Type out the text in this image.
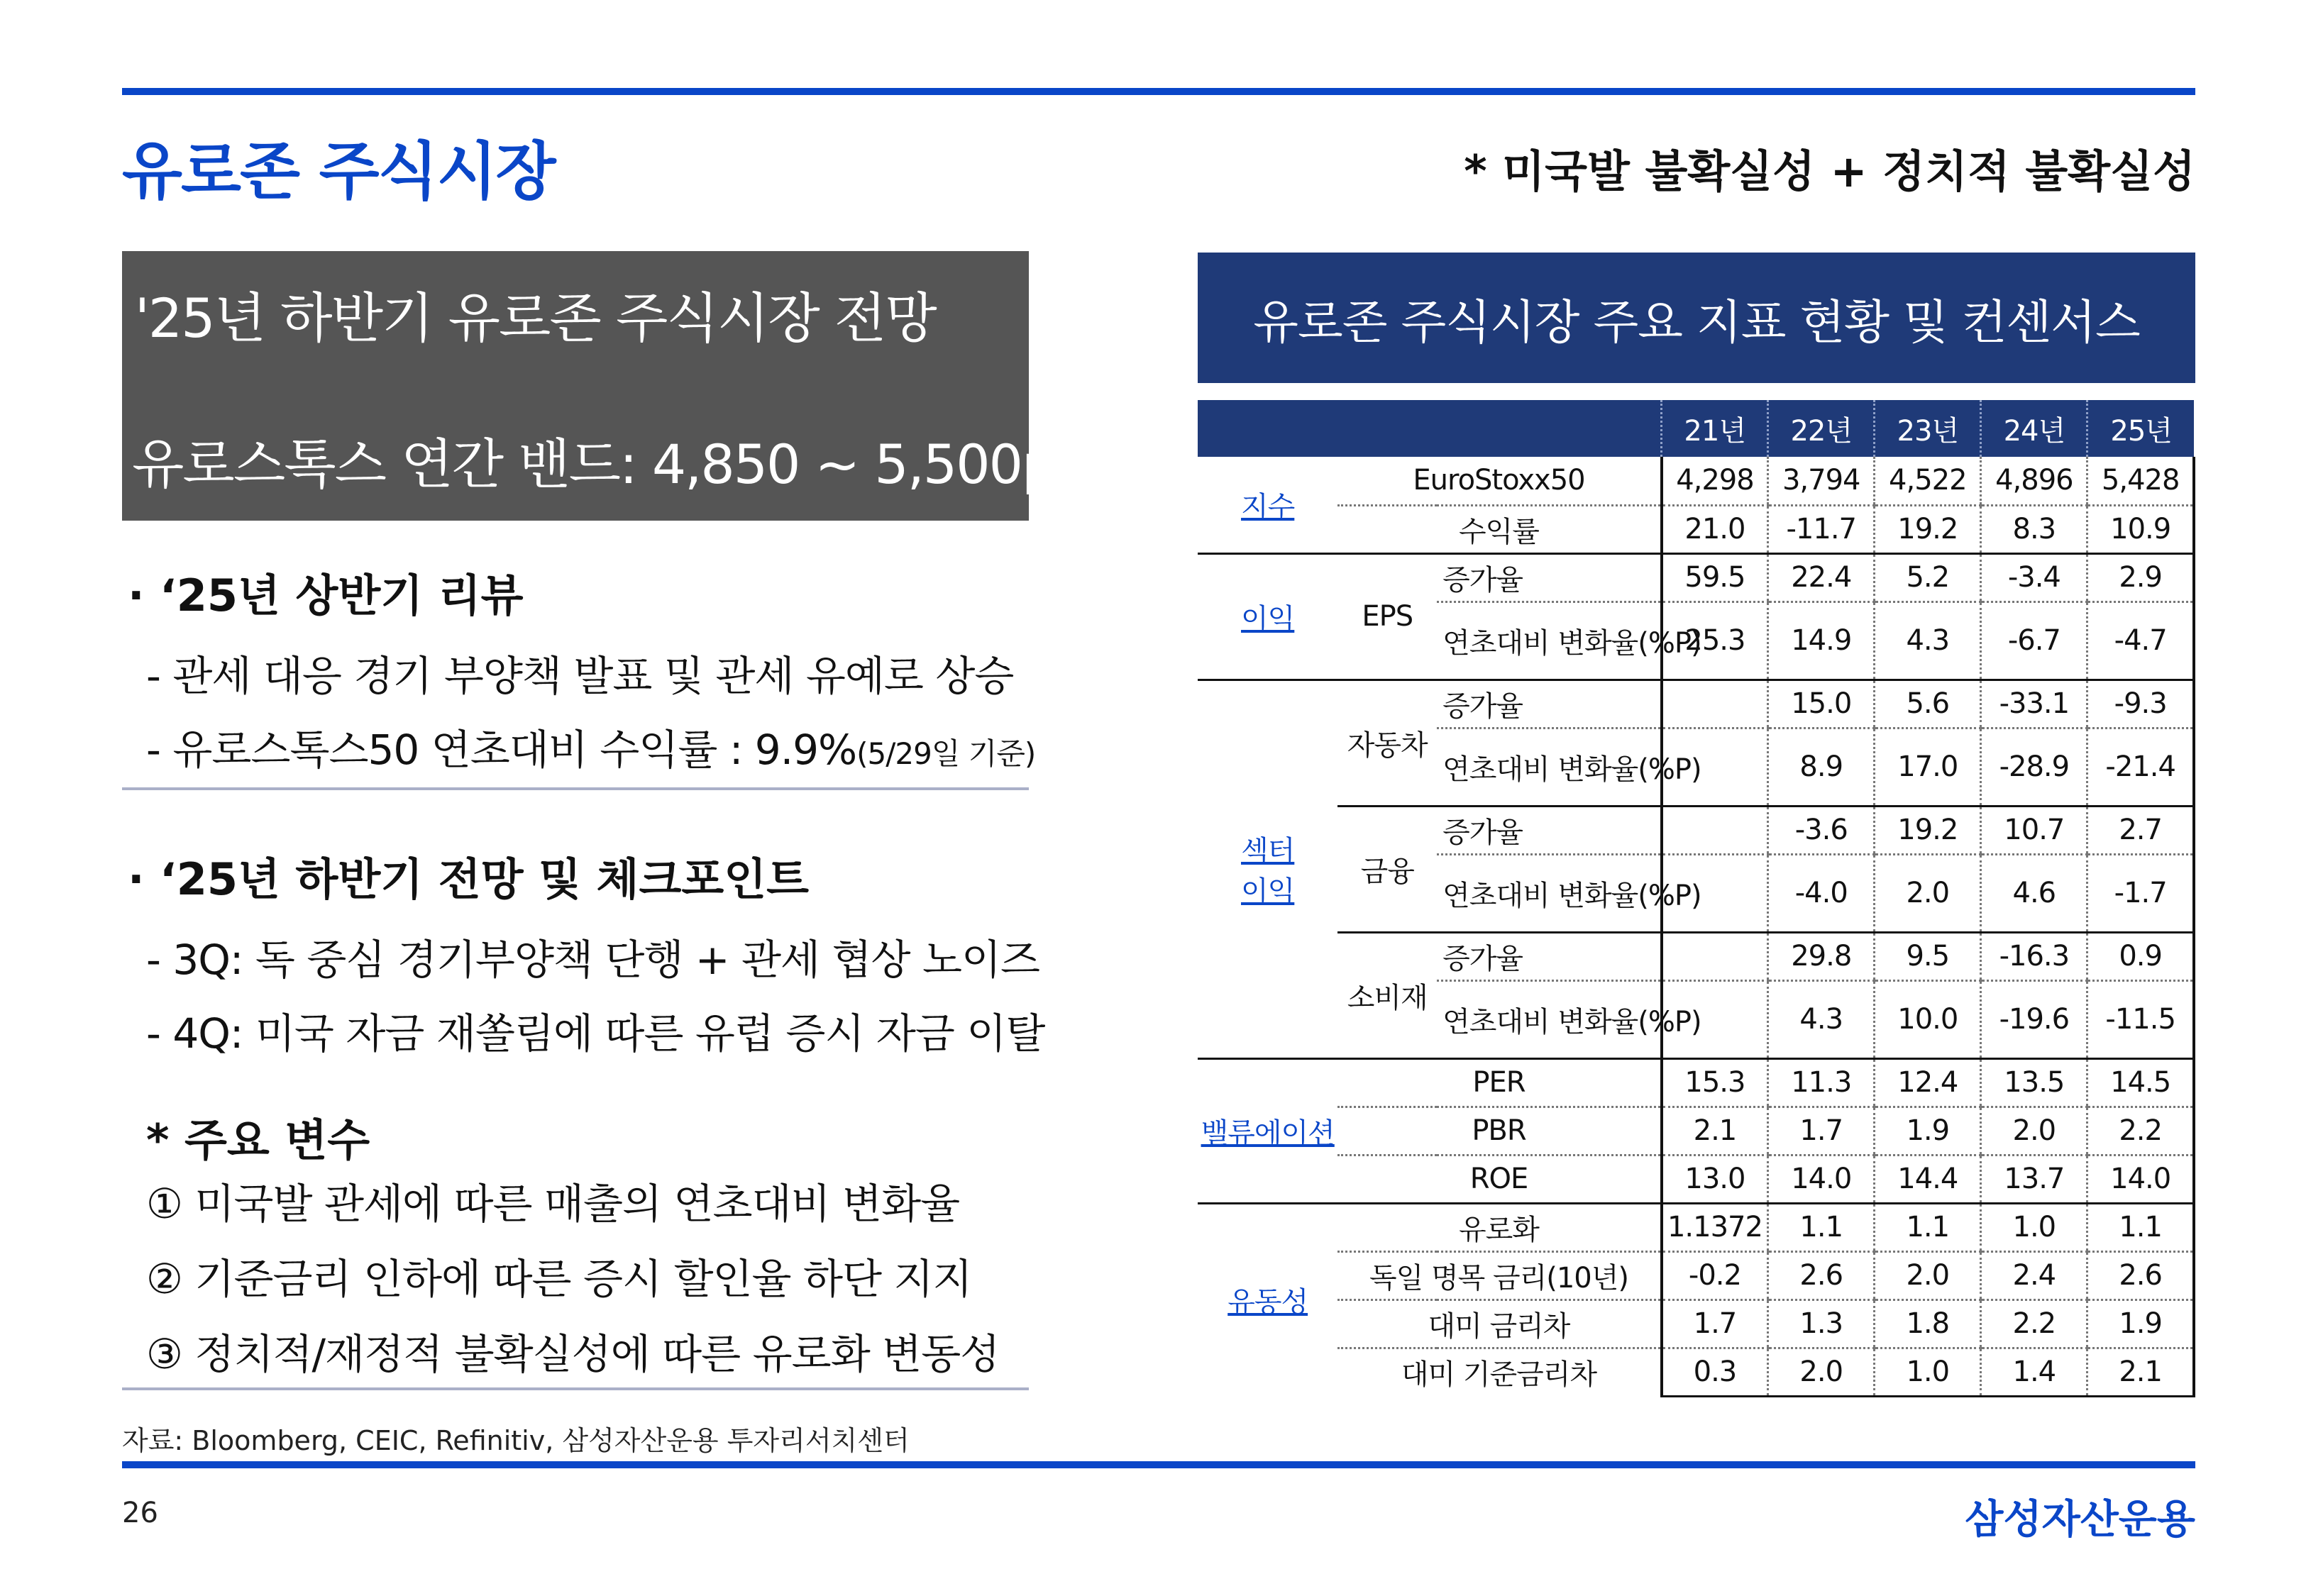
유로존 주식시장	* 미국발 불확실성 + 정치적 불확실성
'25년 하반기 유로존 주식시장 전망
유로스톡스 연간 밴드: 4,850 ~ 5,500pt
· ‘25년 상반기 리뷰
- 관세 대응 경기 부양책 발표 및 관세 유예로 상승
- 유로스톡스50 연초대비 수익률 : 9.9%(5/29일 기준)
· ‘25년 하반기 전망 및 체크포인트
- 3Q: 독 중심 경기부양책 단행 + 관세 협상 노이즈
- 4Q: 미국 자금 재쏠림에 따른 유럽 증시 자금 이탈
* 주요 변수
① 미국발 관세에 따른 매출의 연초대비 변화율
② 기준금리 인하에 따른 증시 할인율 하단 지지
③ 정치적/재정적 불확실성에 따른 유로화 변동성
유로존 주식시장 주요 지표 현황 및 컨센서스
			21년	22년	23년	24년	25년
지수	EuroStoxx50		4,298	3,794	4,522	4,896	5,428
	수익률		21.0	-11.7	19.2	8.3	10.9
이익	EPS	증가율	59.5	22.4	5.2	-3.4	2.9
		연초대비 변화율(%P)	25.3	14.9	4.3	-6.7	-4.7
섹터
이익	자동차	증가율		15.0	5.6	-33.1	-9.3
		연초대비 변화율(%P)		8.9	17.0	-28.9	-21.4
	금융	증가율		-3.6	19.2	10.7	2.7
		연초대비 변화율(%P)		-4.0	2.0	4.6	-1.7
	소비재	증가율		29.8	9.5	-16.3	0.9
		연초대비 변화율(%P)		4.3	10.0	-19.6	-11.5
밸류에이션	PER		15.3	11.3	12.4	13.5	14.5
	PBR		2.1	1.7	1.9	2.0	2.2
	ROE		13.0	14.0	14.4	13.7	14.0
유동성	유로화		1.1372	1.1	1.1	1.0	1.1
	독일 명목 금리(10년)		-0.2	2.6	2.0	2.4	2.6
	대미 금리차		1.7	1.3	1.8	2.2	1.9
	대미 기준금리차		0.3	2.0	1.0	1.4	2.1
자료: Bloomberg, CEIC, Refinitiv, 삼성자산운용 투자리서치센터
26	삼성자산운용
